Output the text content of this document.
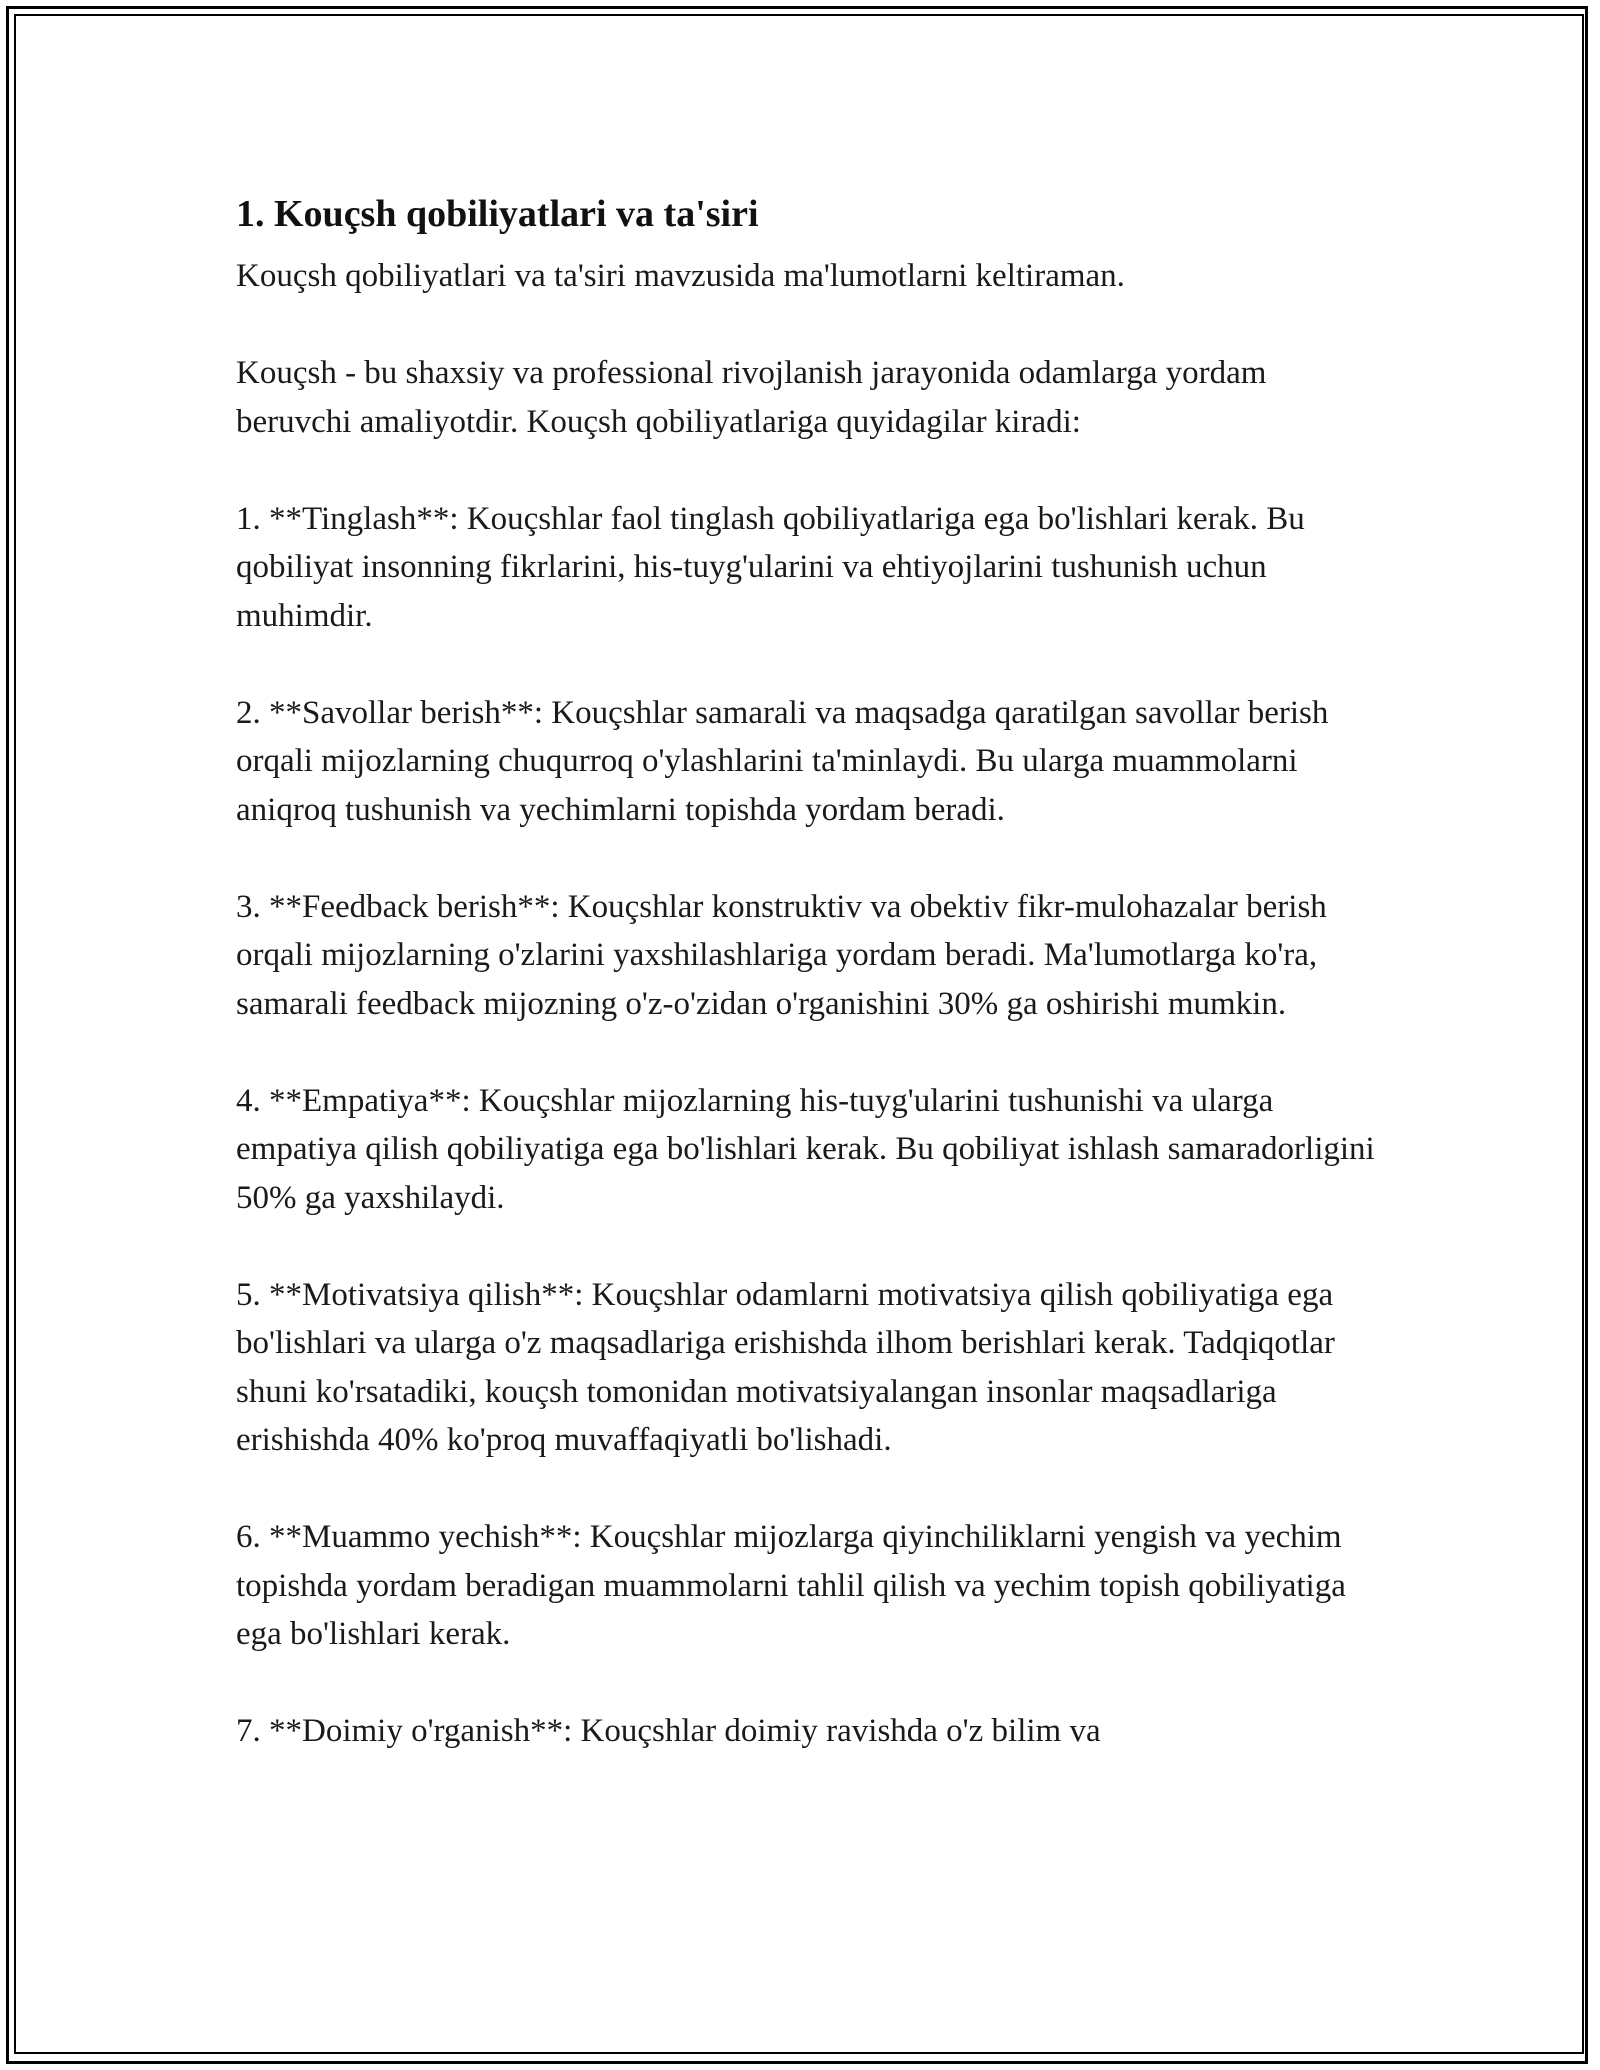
1. Kouçsh qobiliyatlari va ta'siri

Kouçsh qobiliyatlari va ta'siri mavzusida ma'lumotlarni keltiraman.

Kouçsh - bu shaxsiy va professional rivojlanish jarayonida odamlarga yordam beruvchi amaliyotdir. Kouçsh qobiliyatlariga quyidagilar kiradi:

1. **Tinglash**: Kouçshlar faol tinglash qobiliyatlariga ega bo'lishlari kerak. Bu qobiliyat insonning fikrlarini, his-tuyg'ularini va ehtiyojlarini tushunish uchun muhimdir.

2. **Savollar berish**: Kouçshlar samarali va maqsadga qaratilgan savollar berish orqali mijozlarning chuqurroq o'ylashlarini ta'minlaydi. Bu ularga muammolarni aniqroq tushunish va yechimlarni topishda yordam beradi.

3. **Feedback berish**: Kouçshlar konstruktiv va obektiv fikr-mulohazalar berish orqali mijozlarning o'zlarini yaxshilashlariga yordam beradi. Ma'lumotlarga ko'ra, samarali feedback mijozning o'z-o'zidan o'rganishini 30% ga oshirishi mumkin.

4. **Empatiya**: Kouçshlar mijozlarning his-tuyg'ularini tushunishi va ularga empatiya qilish qobiliyatiga ega bo'lishlari kerak. Bu qobiliyat ishlash samaradorligini 50% ga yaxshilaydi.

5. **Motivatsiya qilish**: Kouçshlar odamlarni motivatsiya qilish qobiliyatiga ega bo'lishlari va ularga o'z maqsadlariga erishishda ilhom berishlari kerak. Tadqiqotlar shuni ko'rsatadiki, kouçsh tomonidan motivatsiyalangan insonlar maqsadlariga erishishda 40% ko'proq muvaffaqiyatli bo'lishadi.

6. **Muammo yechish**: Kouçshlar mijozlarga qiyinchiliklarni yengish va yechim topishda yordam beradigan muammolarni tahlil qilish va yechim topish qobiliyatiga ega bo'lishlari kerak.

7. **Doimiy o'rganish**: Kouçshlar doimiy ravishda o'z bilim va
